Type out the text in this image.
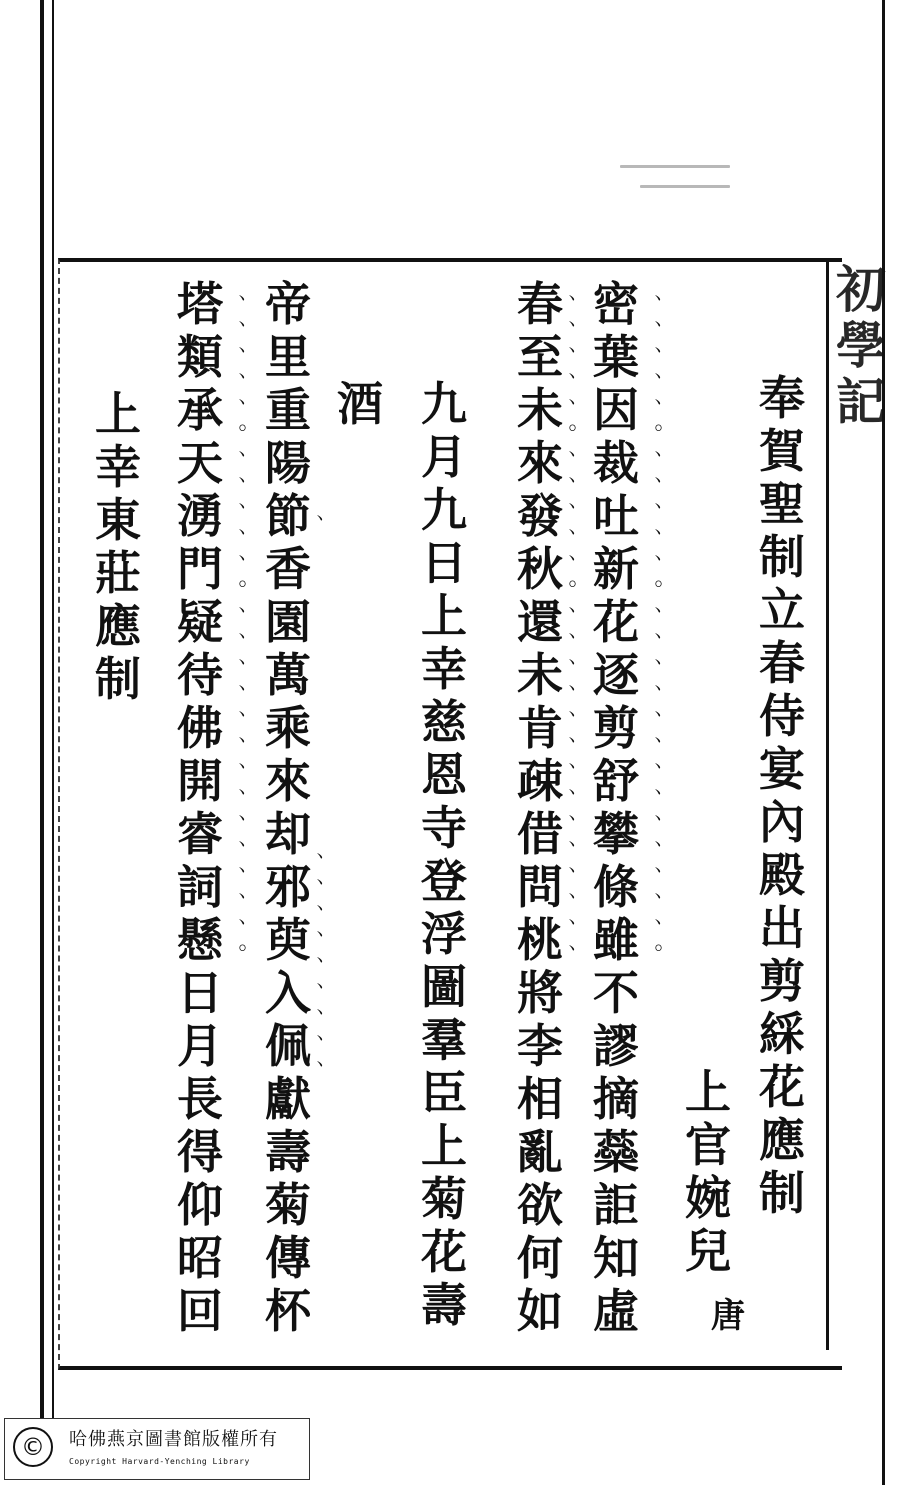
初
學
記
奉
賀
聖
制
立
春
侍
宴
內
殿
出
剪
綵
花
應
制
上
官
婉
兒
唐
密
葉
因
裁
吐
新
花
逐
剪
舒
攀
條
雖
不
謬
摘
蘂
詎
知
虛
春
至
未
來
發
秋
還
未
肯
疎
借
問
桃
將
李
相
亂
欲
何
如
九
月
九
日
上
幸
慈
恩
寺
登
浮
圖
羣
臣
上
菊
花
壽
酒
帝
里
重
陽
節
香
園
萬
乘
來
却
邪
萸
入
佩
獻
壽
菊
傳
杯
塔
類
承
天
湧
門
疑
待
佛
開
睿
詞
懸
日
月
長
得
仰
昭
回
上
幸
東
莊
應
制
､
､
､
､
､
｡
､
､
､
､
､
｡
､
､
､
､
､
､
､
､
､
､
､
､
､
｡
､
､
､
､
､
｡
､
､
､
､
､
｡
､
､
､
､
､
､
､
､
､
､
､
､
､
､
､
､
､
､
､
｡
､
､
､
､
､
｡
､
､
､
､
､
､
､
､
､
､
､
､
､
｡
､

､
､
､
､
､
､
､
､
､
©	哈佛燕京圖書館版權所有
Copyright Harvard-Yenching Library
